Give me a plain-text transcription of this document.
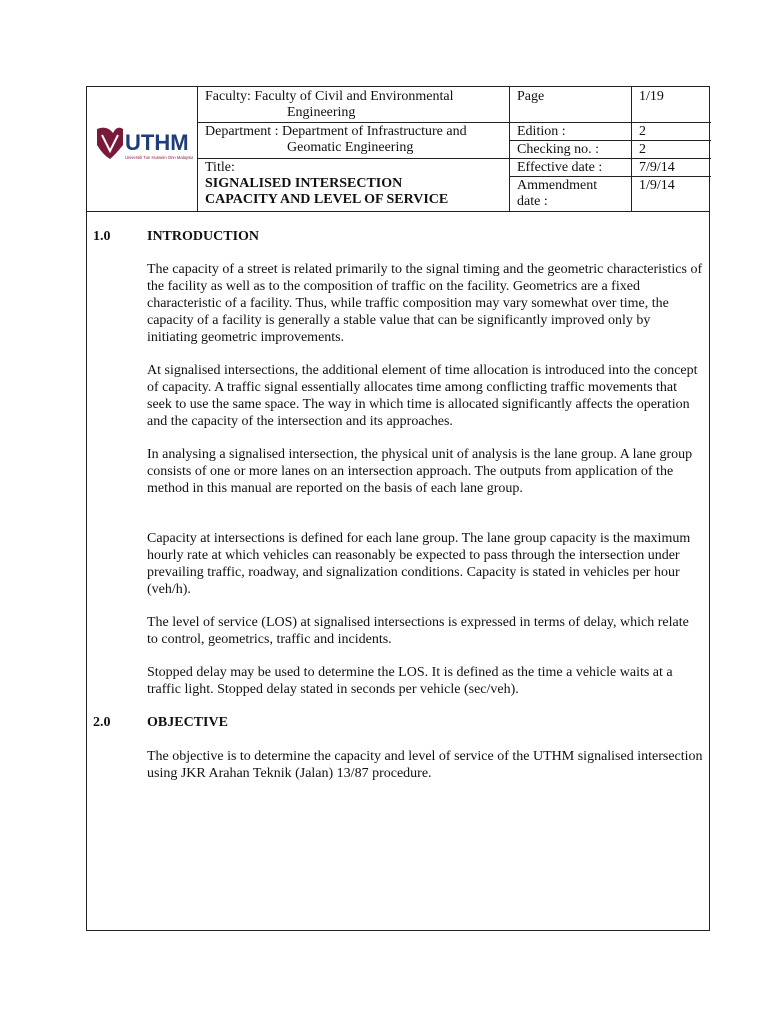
UTHM
Universiti Tun Hussein Onn Malaysia
Faculty: Faculty of Civil and Environmental
Engineering
Department : Department of Infrastructure and
Geomatic Engineering
Title:
SIGNALISED INTERSECTION
CAPACITY AND LEVEL OF SERVICE
Page
Edition :
Checking no. :
Effective date :
Ammendment
date :
1/19
2
2
7/9/14
1/9/14
1.0	INTRODUCTION
The capacity of a street is related primarily to the signal timing and the geometric characteristics of the facility as well as to the composition of traffic on the facility. Geometrics are a fixed characteristic of a facility. Thus, while traffic composition may vary somewhat over time, the capacity of a facility is generally a stable value that can be significantly improved only by initiating geometric improvements.
At signalised intersections, the additional element of time allocation is introduced into the concept of capacity. A traffic signal essentially allocates time among conflicting traffic movements that seek to use the same space. The way in which time is allocated significantly affects the operation and the capacity of the intersection and its approaches.
In analysing a signalised intersection, the physical unit of analysis is the lane group. A lane group consists of one or more lanes on an intersection approach. The outputs from application of the method in this manual are reported on the basis of each lane group.
Capacity at intersections is defined for each lane group. The lane group capacity is the maximum hourly rate at which vehicles can reasonably be expected to pass through the intersection under prevailing traffic, roadway, and signalization conditions. Capacity is stated in vehicles per hour (veh/h).
The level of service (LOS) at signalised intersections is expressed in terms of delay, which relate to control, geometrics, traffic and incidents.
Stopped delay may be used to determine the LOS. It is defined as the time a vehicle waits at a traffic light. Stopped delay stated in seconds per vehicle (sec/veh).
2.0	OBJECTIVE
The objective is to determine the capacity and level of service of the UTHM signalised intersection using JKR Arahan Teknik (Jalan) 13/87 procedure.
